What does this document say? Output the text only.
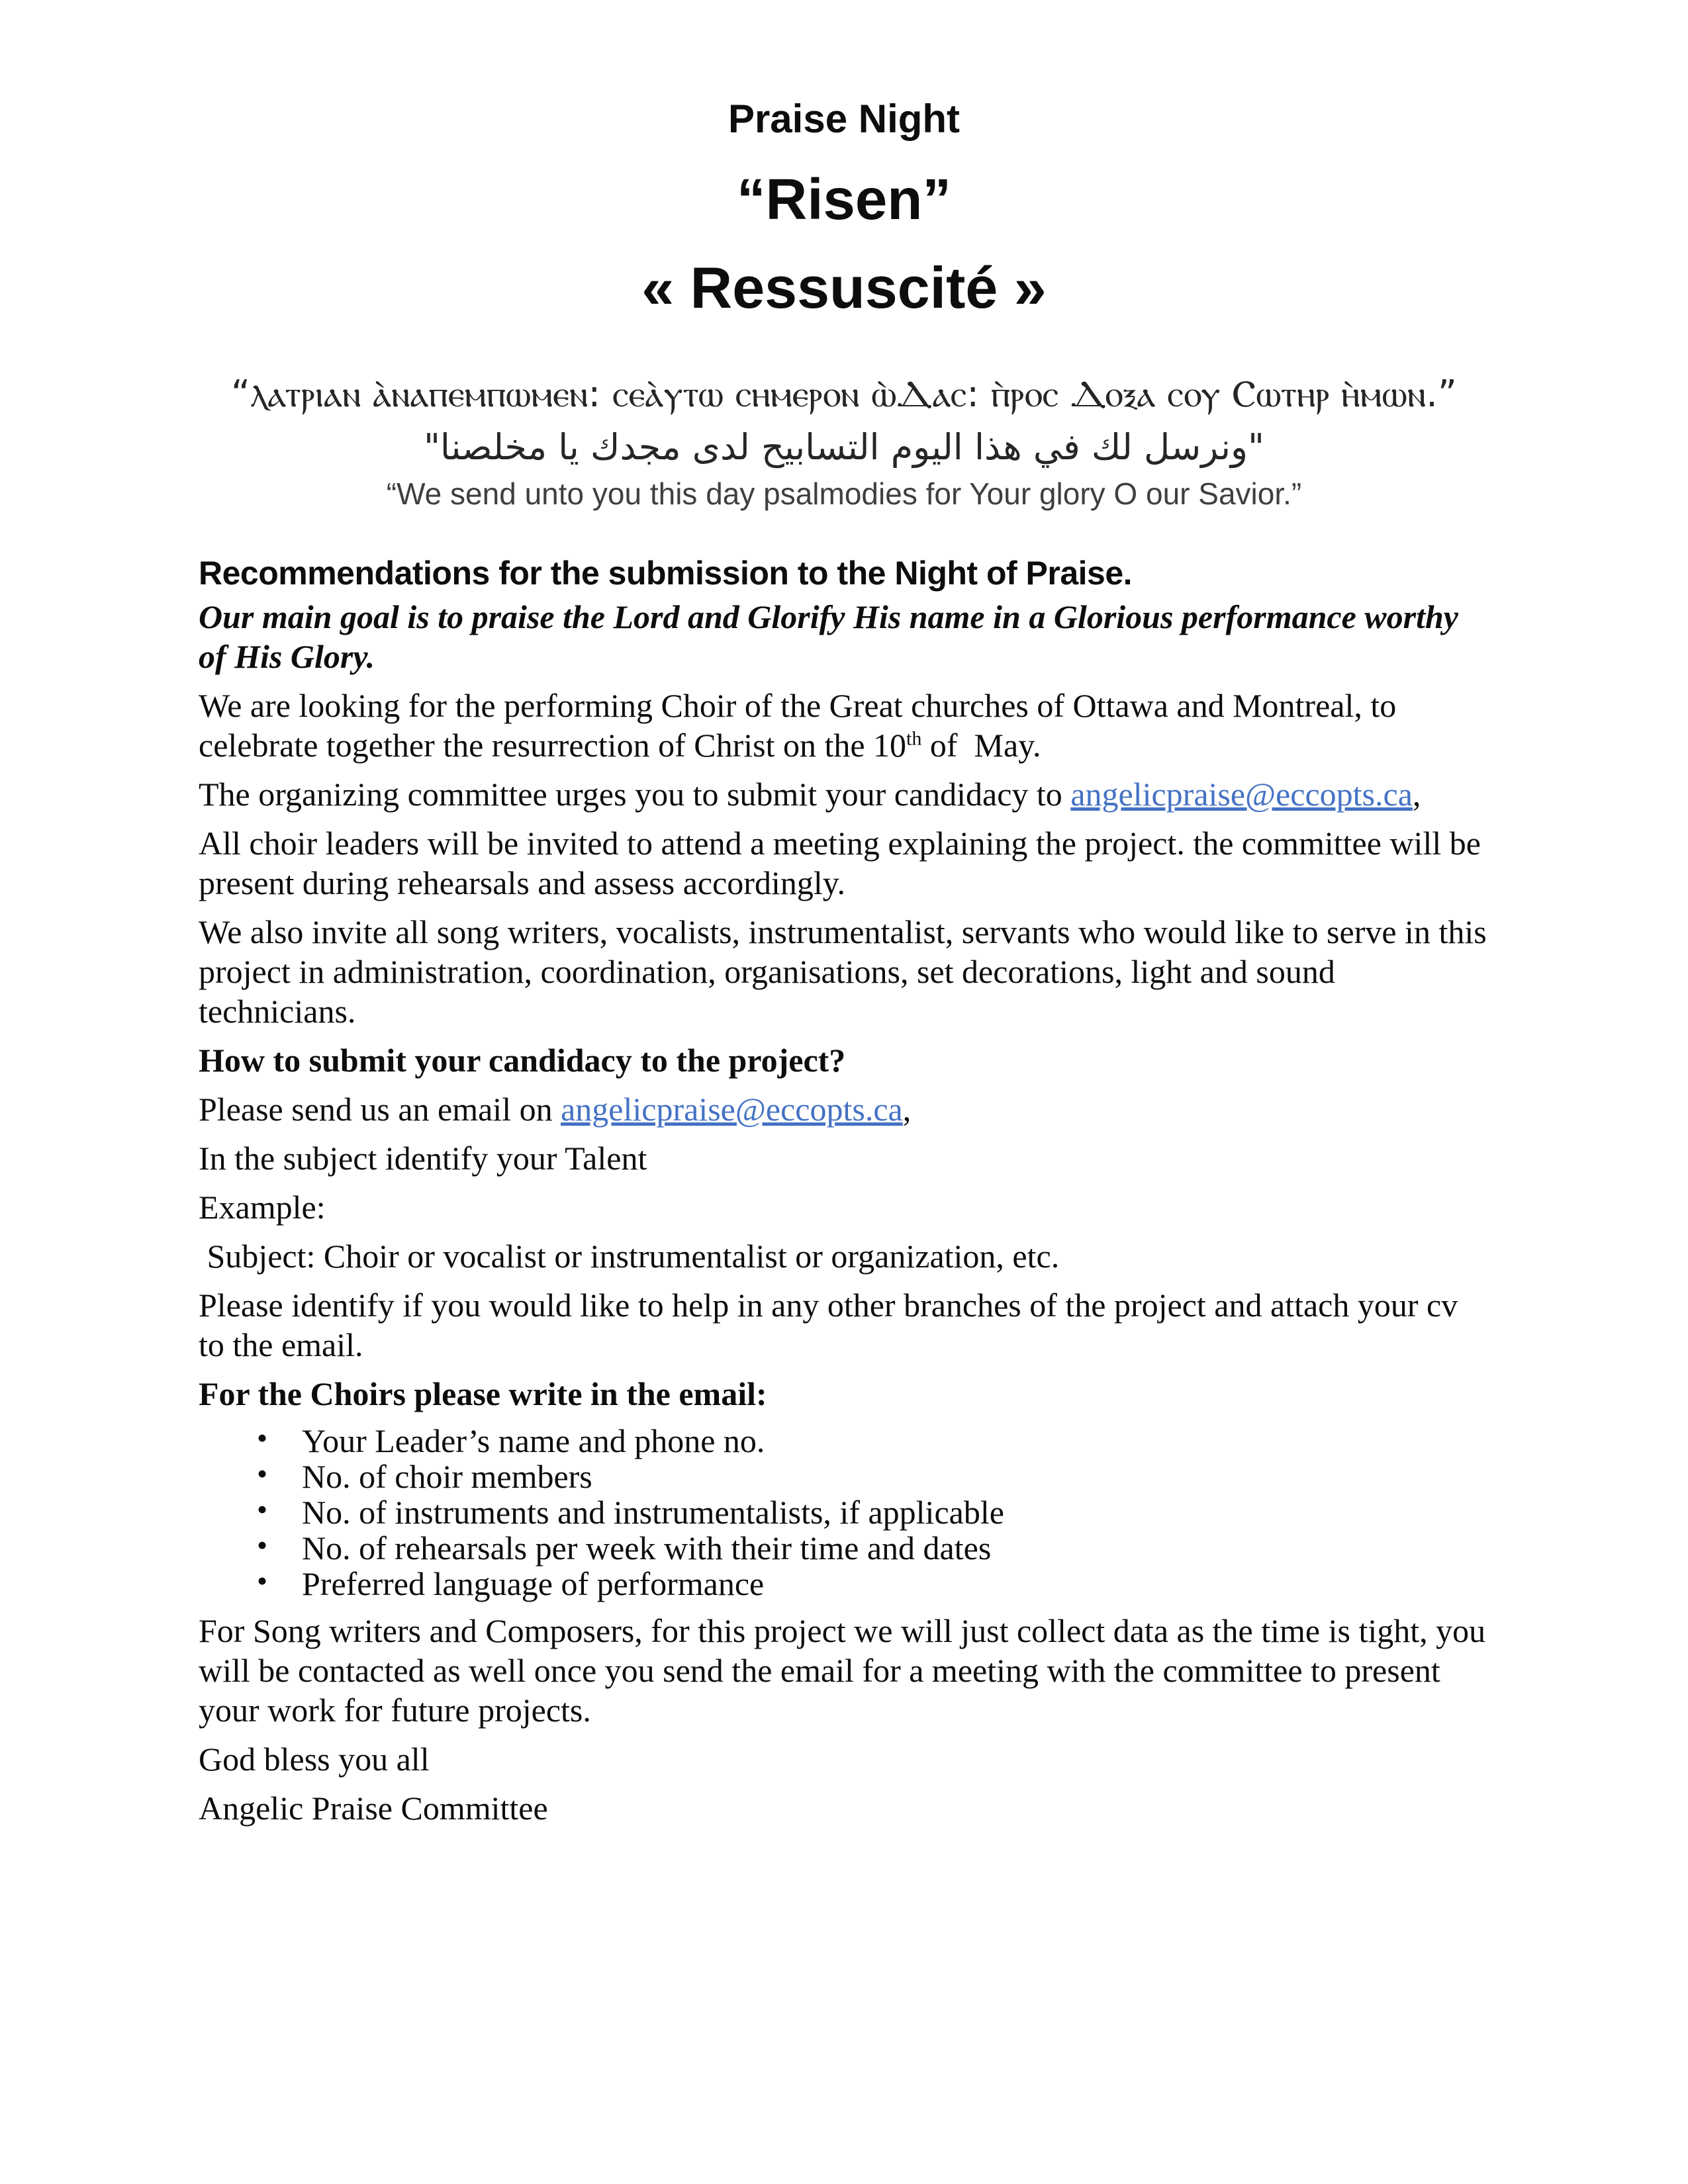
Praise Night
“Risen”
« Ressuscité »

“ⲗⲁⲧⲣⲓⲁⲛ ⲁ̀ⲛⲁⲡⲉⲙⲡⲱⲙⲉⲛ: ⲥⲉⲁ̀ⲩⲧⲱ ⲥⲏⲙⲉⲣⲟⲛ ⲱ̀Ⲇⲁⲥ: ⲡ̀ⲣⲟⲥ Ⲇⲟⲝⲁ ⲥⲟⲩ Ⲥⲱⲧⲏⲣ ⲏ̀ⲙⲱⲛ.”

"ونرسل لك في هذا اليوم التسابيح لدى مجدك يا مخلصنا"

“We send unto you this day psalmodies for Your glory O our Savior.”

Recommendations for the submission to the Night of Praise.

Our main goal is to praise the Lord and Glorify His name in a Glorious performance worthy of His Glory.

We are looking for the performing Choir of the Great churches of Ottawa and Montreal, to celebrate together the resurrection of Christ on the 10th of  May.

The organizing committee urges you to submit your candidacy to angelicpraise@eccopts.ca,

All choir leaders will be invited to attend a meeting explaining the project. the committee will be present during rehearsals and assess accordingly.

We also invite all song writers, vocalists, instrumentalist, servants who would like to serve in this project in administration, coordination, organisations, set decorations, light and sound technicians.

How to submit your candidacy to the project?

Please send us an email on angelicpraise@eccopts.ca,

In the subject identify your Talent

Example:

Subject: Choir or vocalist or instrumentalist or organization, etc.

Please identify if you would like to help in any other branches of the project and attach your cv to the email.

For the Choirs please write in the email:

• Your Leader’s name and phone no.
• No. of choir members
• No. of instruments and instrumentalists, if applicable
• No. of rehearsals per week with their time and dates
• Preferred language of performance

For Song writers and Composers, for this project we will just collect data as the time is tight, you will be contacted as well once you send the email for a meeting with the committee to present your work for future projects.

God bless you all

Angelic Praise Committee
